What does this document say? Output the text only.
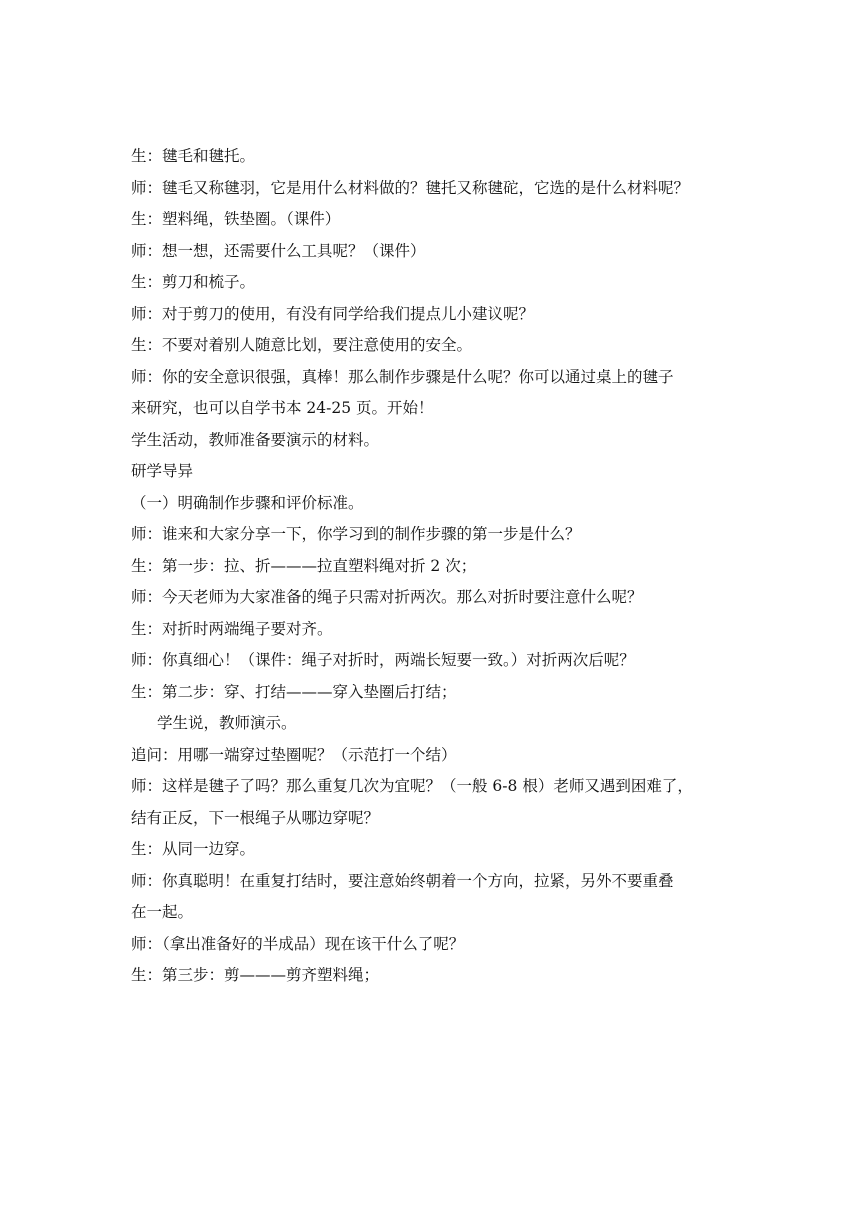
生：毽毛和毽托。

师：毽毛又称毽羽，它是用什么材料做的？毽托又称毽砣，它选的是什么材料呢？

生：塑料绳，铁垫圈。（课件）

师：想一想，还需要什么工具呢？（课件）

生：剪刀和梳子。

师：对于剪刀的使用，有没有同学给我们提点儿小建议呢？

生：不要对着别人随意比划，要注意使用的安全。

师：你的安全意识很强，真棒！那么制作步骤是什么呢？你可以通过桌上的毽子

来研究，也可以自学书本 24-25 页。开始！

学生活动，教师准备要演示的材料。

研学导异

（一）明确制作步骤和评价标准。

师：谁来和大家分享一下，你学习到的制作步骤的第一步是什么？

生：第一步：拉、折———拉直塑料绳对折 2 次；

师：今天老师为大家准备的绳子只需对折两次。那么对折时要注意什么呢？

生：对折时两端绳子要对齐。

师：你真细心！（课件：绳子对折时，两端长短要一致。）对折两次后呢？

生：第二步：穿、打结———穿入垫圈后打结；

学生说，教师演示。

追问：用哪一端穿过垫圈呢？（示范打一个结）

师：这样是毽子了吗？那么重复几次为宜呢？（一般 6-8 根）老师又遇到困难了，

结有正反，下一根绳子从哪边穿呢？

生：从同一边穿。

师：你真聪明！在重复打结时，要注意始终朝着一个方向，拉紧，另外不要重叠

在一起。

师：（拿出准备好的半成品）现在该干什么了呢？

生：第三步：剪———剪齐塑料绳；
